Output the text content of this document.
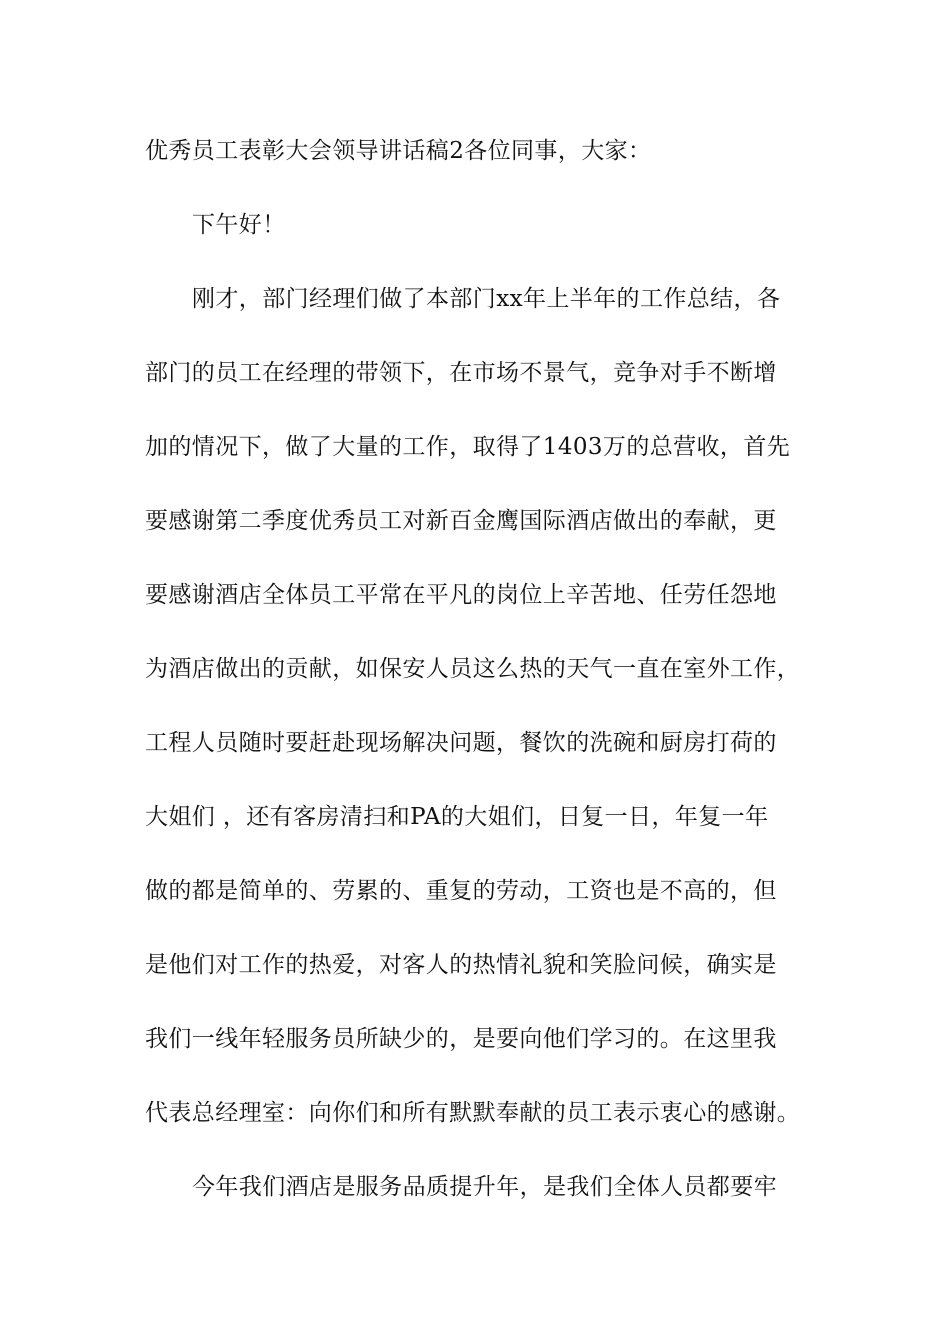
优秀员工表彰大会领导讲话稿2各位同事，大家：
下午好！
刚才，部门经理们做了本部门xx年上半年的工作总结，各
部门的员工在经理的带领下，在市场不景气，竞争对手不断增
加的情况下，做了大量的工作，取得了1403万的总营收，首先
要感谢第二季度优秀员工对新百金鹰国际酒店做出的奉献，更
要感谢酒店全体员工平常在平凡的岗位上辛苦地、任劳任怨地
为酒店做出的贡献，如保安人员这么热的天气一直在室外工作，
工程人员随时要赶赴现场解决问题，餐饮的洗碗和厨房打荷的
大姐们 ，还有客房清扫和PA的大姐们，日复一日，年复一年
做的都是简单的、劳累的、重复的劳动，工资也是不高的，但
是他们对工作的热爱，对客人的热情礼貌和笑脸问候，确实是
我们一线年轻服务员所缺少的，是要向他们学习的。在这里我
代表总经理室：向你们和所有默默奉献的员工表示衷心的感谢。
今年我们酒店是服务品质提升年，是我们全体人员都要牢
